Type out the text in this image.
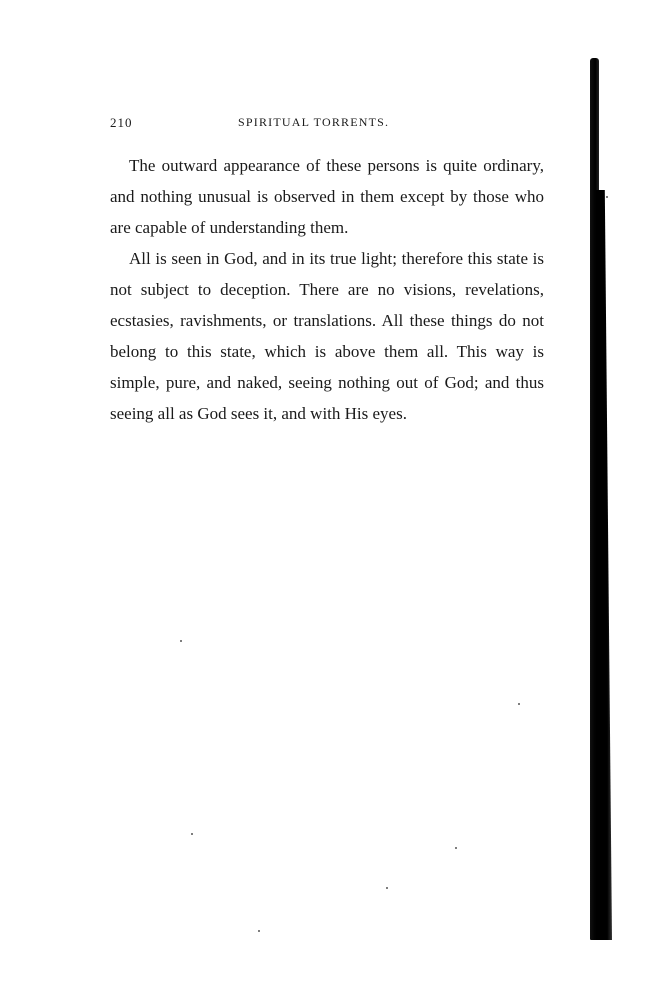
210	SPIRITUAL TORRENTS.

The outward appearance of these persons is quite ordinary, and nothing unusual is observed in them except by those who are capable of understanding them.

All is seen in God, and in its true light; therefore this state is not subject to deception. There are no visions, revelations, ecstasies, ravishments, or translations. All these things do not belong to this state, which is above them all. This way is simple, pure, and naked, seeing nothing out of God; and thus seeing all as God sees it, and with His eyes.
